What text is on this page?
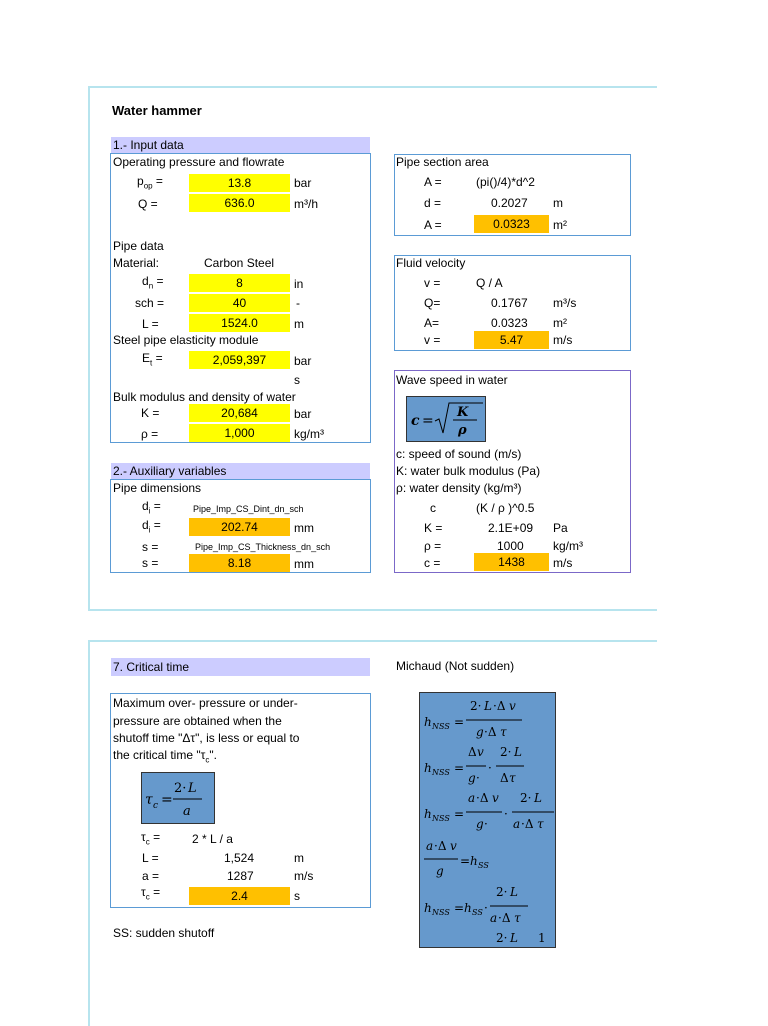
Water hammer
1.- Input data
Operating pressure and flowrate
$p_{op}$ =	13.8	bar
Q =	636.0	m³/h
Pipe data
Material:	Carbon Steel
$d_n$ =	8	in
sch =	40	-
L =	1524.0	m
Steel pipe elasticity module
$E_t$ =	2,059,397	bar
s
Bulk modulus and density of water
K =	20,684	bar
ρ =	1,000	kg/m³
2.- Auxiliary variables
Pipe dimensions
$d_i$ =	Pipe_Imp_CS_Dint_dn_sch
$d_i$ =	202.74	mm
s =	Pipe_Imp_CS_Thickness_dn_sch
s =	8.18	mm
Pipe section area
A =	(pi()/4)*d^2
d =	0.2027 m
A =	0.0323	m²
Fluid velocity
v =	Q / A
Q=	0.1767 m³/s
A=	0.0323 m²
v =	5.47	m/s
Wave speed in water
c =
K
ρ
c: speed of sound (m/s)
K: water bulk modulus (Pa)
ρ: water density (kg/m³)
c	(K / ρ )^0.5
K =	2.1E+09 Pa
ρ =	1000 kg/m³
c =	1438	m/s
7. Critical time	Michaud (Not sudden)
Maximum over- pressure or under-
pressure are obtained when the
shutoff time "Δτ", is less or equal to
the critical time "$\tau_c$".
τ c =
2· L
a
$\tau_c$ =	2 * L / a
L =	1,524	m
a =	1287	m/s
$\tau_c$ =	2.4	s
SS: sudden shutoff
h NSS =
2· L ·Δ v
g ·Δ τ
h NSS =
Δ v
g ·
·
2· L
Δ τ
h NSS =
a ·Δ v
g ·
·
2· L
a ·Δ τ
a ·Δ v
g
= h SS
h NSS = h SS ·
2· L
a ·Δ τ
2· L 1
